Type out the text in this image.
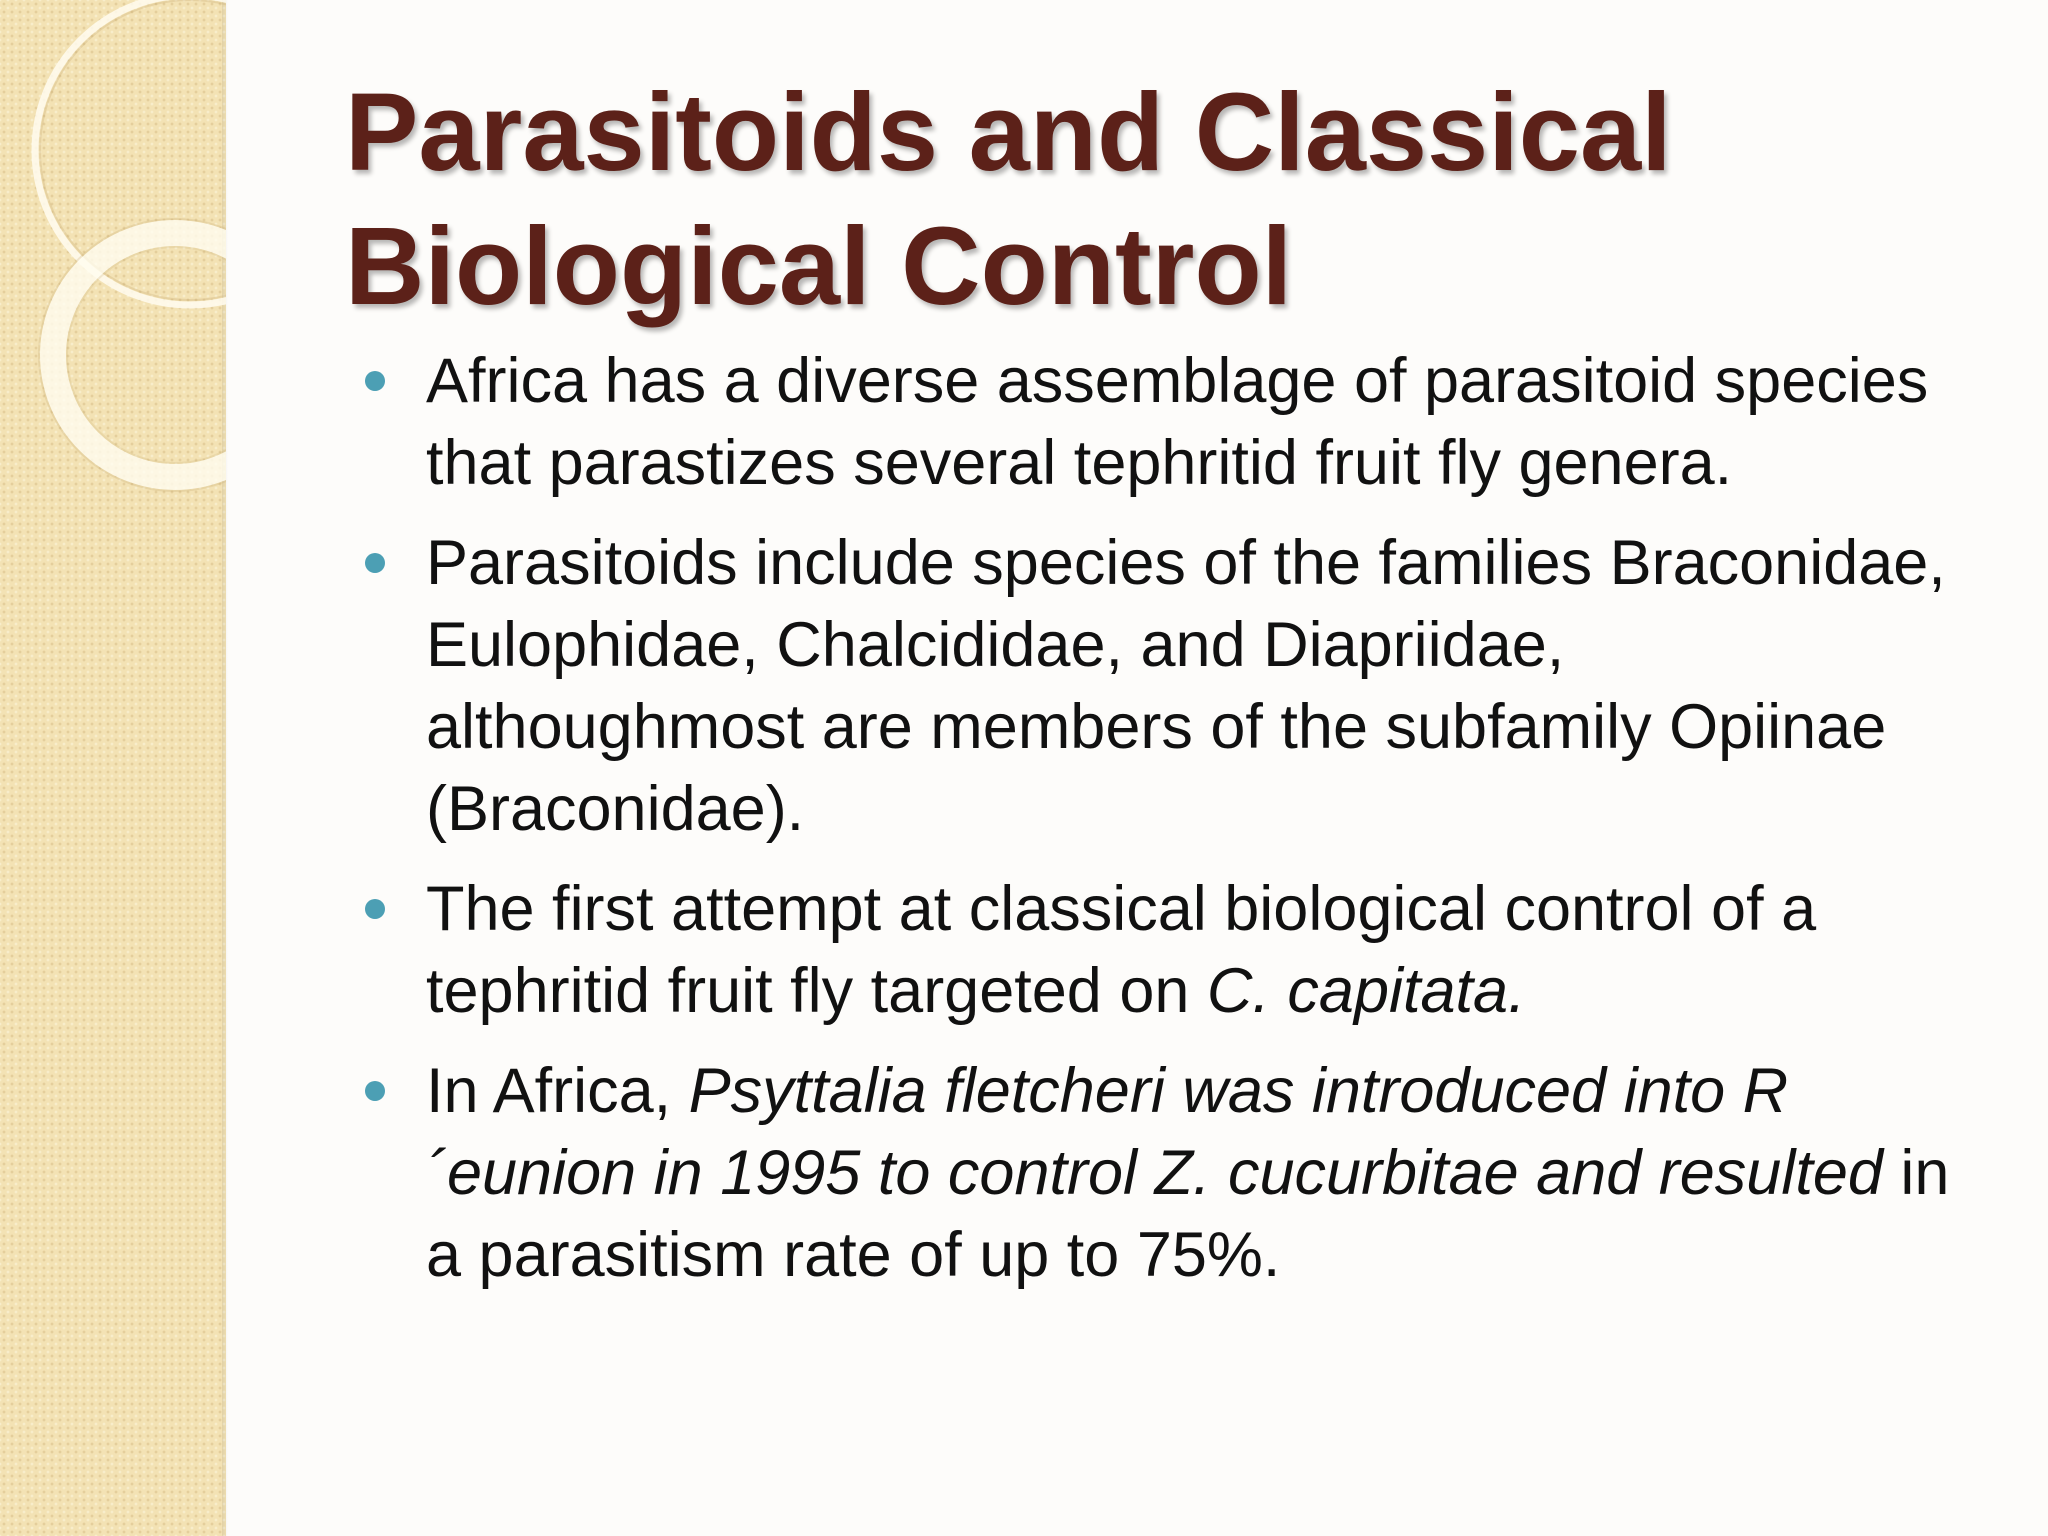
Parasitoids and Classical
Biological Control
Africa has a diverse assemblage of parasitoid species that parastizes several tephritid fruit fly genera.
Parasitoids include species of the families Braconidae, Eulophidae, Chalcididae, and Diapriidae, althoughmost are members of the subfamily Opiinae (Braconidae).
The first attempt at classical biological control of a tephritid fruit fly targeted on C. capitata.
In Africa, Psyttalia fletcheri was introduced into R´eunion in 1995 to control Z. cucurbitae and resulted in a parasitism rate of up to 75%.
